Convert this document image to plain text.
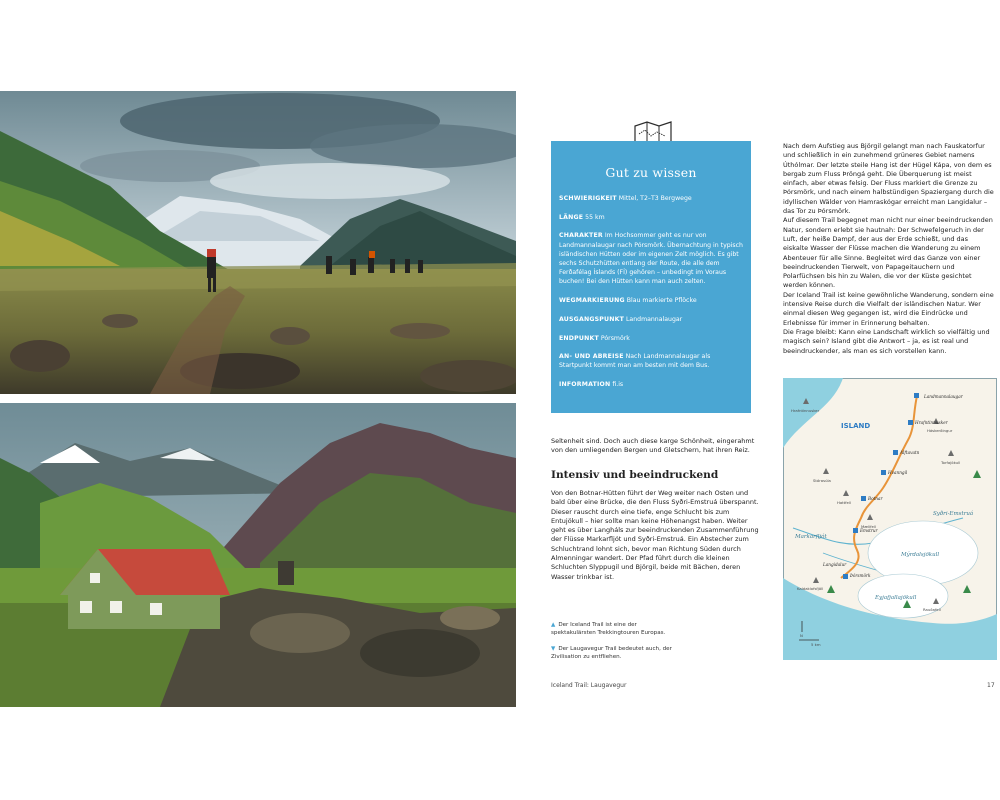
Gut zu wissen
SCHWIERIGKEIT Mittel, T2–T3 Bergwege
LÄNGE 55 km
CHARAKTER Im Hochsommer geht es nur von Landmannalaugar nach Pórsmörk. Übernachtung in typisch isländischen Hütten oder im eigenen Zelt möglich. Es gibt sechs Schutzhütten entlang der Route, die alle dem Ferðafélag Íslands (FÍ) gehören – unbedingt im Voraus buchen! Bei den Hütten kann man auch zelten.
WEGMARKIERUNG Blau markierte Pflöcke
AUSGANGSPUNKT Landmannalaugar
ENDPUNKT Pórsmörk
AN- UND ABREISE Nach Landmannalaugar als Startpunkt kommt man am besten mit dem Bus.
INFORMATION fi.is

Seltenheit sind. Doch auch diese karge Schönheit, eingerahmt von den umliegenden Bergen und Gletschern, hat ihren Reiz.

Intensiv und beeindruckend

Von den Botnar-Hütten führt der Weg weiter nach Osten und bald über eine Brücke, die den Fluss Syðri-Emstruá überspannt. Dieser rauscht durch eine tiefe, enge Schlucht bis zum Entujökull – hier sollte man keine Höhenangst haben. Weiter geht es über Langháls zur beeindruckenden Zusammenführung der Flüsse Markarfljót und Syðri-Emstruá. Ein Abstecher zum Schluchtrand lohnt sich, bevor man Richtung Süden durch Almenningar wandert. Der Pfad führt durch die kleinen Schluchten Slyppugil und Björgil, beide mit Bächen, deren Wasser trinkbar ist.

▲ Der Iceland Trail ist eine der spektakulärsten Trekkingtouren Europas.
▼ Der Laugavegur Trail bedeutet auch, der Zivilisation zu entfliehen.
Iceland Trail: Laugavegur	17

Nach dem Aufstieg aus Björgil gelangt man nach Fauskatorfur und schließlich in ein zunehmend grüneres Gebiet namens Úthólmar. Der letzte steile Hang ist der Hügel Kápa, von dem es bergab zum Fluss Þröngá geht. Die Überquerung ist meist einfach, aber etwas felsig. Der Fluss markiert die Grenze zu Þórsmörk, und nach einem halbstündigen Spaziergang durch die idyllischen Wälder von Hamraskógar erreicht man Langidalur – das Tor zu Þórsmörk.

Auf diesem Trail begegnet man nicht nur einer beeindruckenden Natur, sondern erlebt sie hautnah: Der Schwefelgeruch in der Luft, der heiße Dampf, der aus der Erde schießt, und das eiskalte Wasser der Flüsse machen die Wanderung zu einem Abenteuer für alle Sinne. Begleitet wird das Ganze von einer beeindruckenden Tierwelt, von Papageitauchern und Polarfüchsen bis hin zu Walen, die vor der Küste gesichtet werden können.

Der Iceland Trail ist keine gewöhnliche Wanderung, sondern eine intensive Reise durch die Vielfalt der isländischen Natur. Wer einmal diesen Weg gegangen ist, wird die Eindrücke und Erlebnisse für immer in Erinnerung behalten.

Die Frage bleibt: Kann eine Landschaft wirklich so vielfältig und magisch sein? Island gibt die Antwort – ja, es ist real und beeindruckender, als man es sich vorstellen kann.

ISLAND
Landmannalaugar
Hrafntinnusker
Álftavatn
Hvanngil
Botnar
Emstrur
Þórsmörk
Langidalur
Hrafntinnusker
Háskerðingur
Torfajökull
Stórasúla
Hattfell
Mælifell
Kaldaklofsfjöll
Rauðafell
Mýrdalsjökull
Eyjafjallajökull
Markarfljót
Syðri-Emstruá
N
5 km
